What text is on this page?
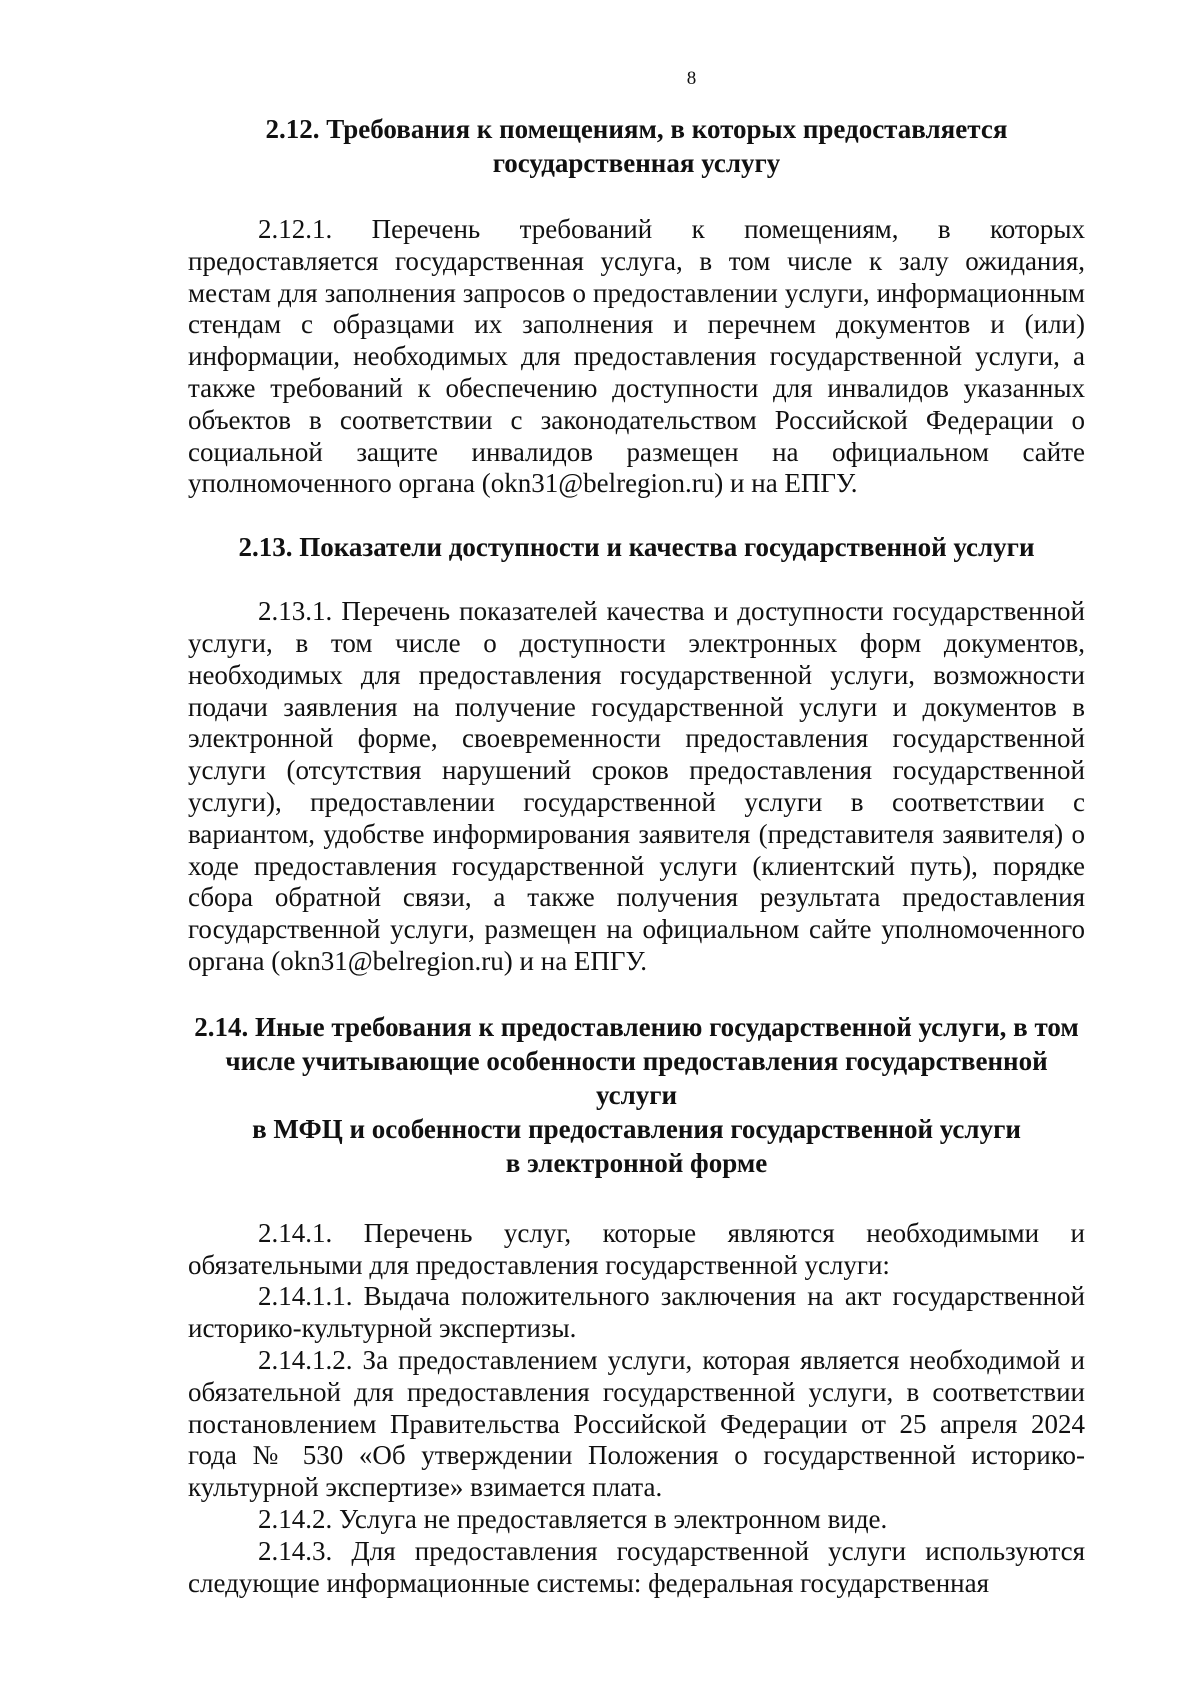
8
2.12. Требования к помещениям, в которых предоставляется
государственная услугу

2.12.1. Перечень требований к помещениям, в которых предоставляется государственная услуга, в том числе к залу ожидания, местам для заполнения запросов о предоставлении услуги, информационным стендам с образцами их заполнения и перечнем документов и (или) информации, необходимых для предоставления государственной услуги, а также требований к обеспечению доступности для инвалидов указанных объектов в соответствии с законодательством Российской Федерации о социальной защите инвалидов размещен на официальном сайте уполномоченного органа (okn31@belregion.ru) и на ЕПГУ.

2.13. Показатели доступности и качества государственной услуги

2.13.1. Перечень показателей качества и доступности государственной услуги, в том числе о доступности электронных форм документов, необходимых для предоставления государственной услуги, возможности подачи заявления на получение государственной услуги и документов в электронной форме, своевременности предоставления государственной услуги (отсутствия нарушений сроков предоставления государственной услуги), предоставлении государственной услуги в соответствии с вариантом, удобстве информирования заявителя (представителя заявителя) о ходе предоставления государственной услуги (клиентский путь), порядке сбора обратной связи, а также получения результата предоставления государственной услуги, размещен на официальном сайте уполномоченного органа (okn31@belregion.ru) и на ЕПГУ.

2.14. Иные требования к предоставлению государственной услуги, в том
числе учитывающие особенности предоставления государственной услуги
в МФЦ и особенности предоставления государственной услуги
в электронной форме

2.14.1. Перечень услуг, которые являются необходимыми и обязательными для предоставления государственной услуги:

2.14.1.1. Выдача положительного заключения на акт государственной историко-культурной экспертизы.

2.14.1.2. За предоставлением услуги, которая является необходимой и обязательной для предоставления государственной услуги, в соответствии постановлением Правительства Российской Федерации от 25 апреля 2024 года № 530 «Об утверждении Положения о государственной историко-культурной экспертизе» взимается плата.

2.14.2. Услуга не предоставляется в электронном виде.

2.14.3. Для предоставления государственной услуги используются следующие информационные системы: федеральная государственная
